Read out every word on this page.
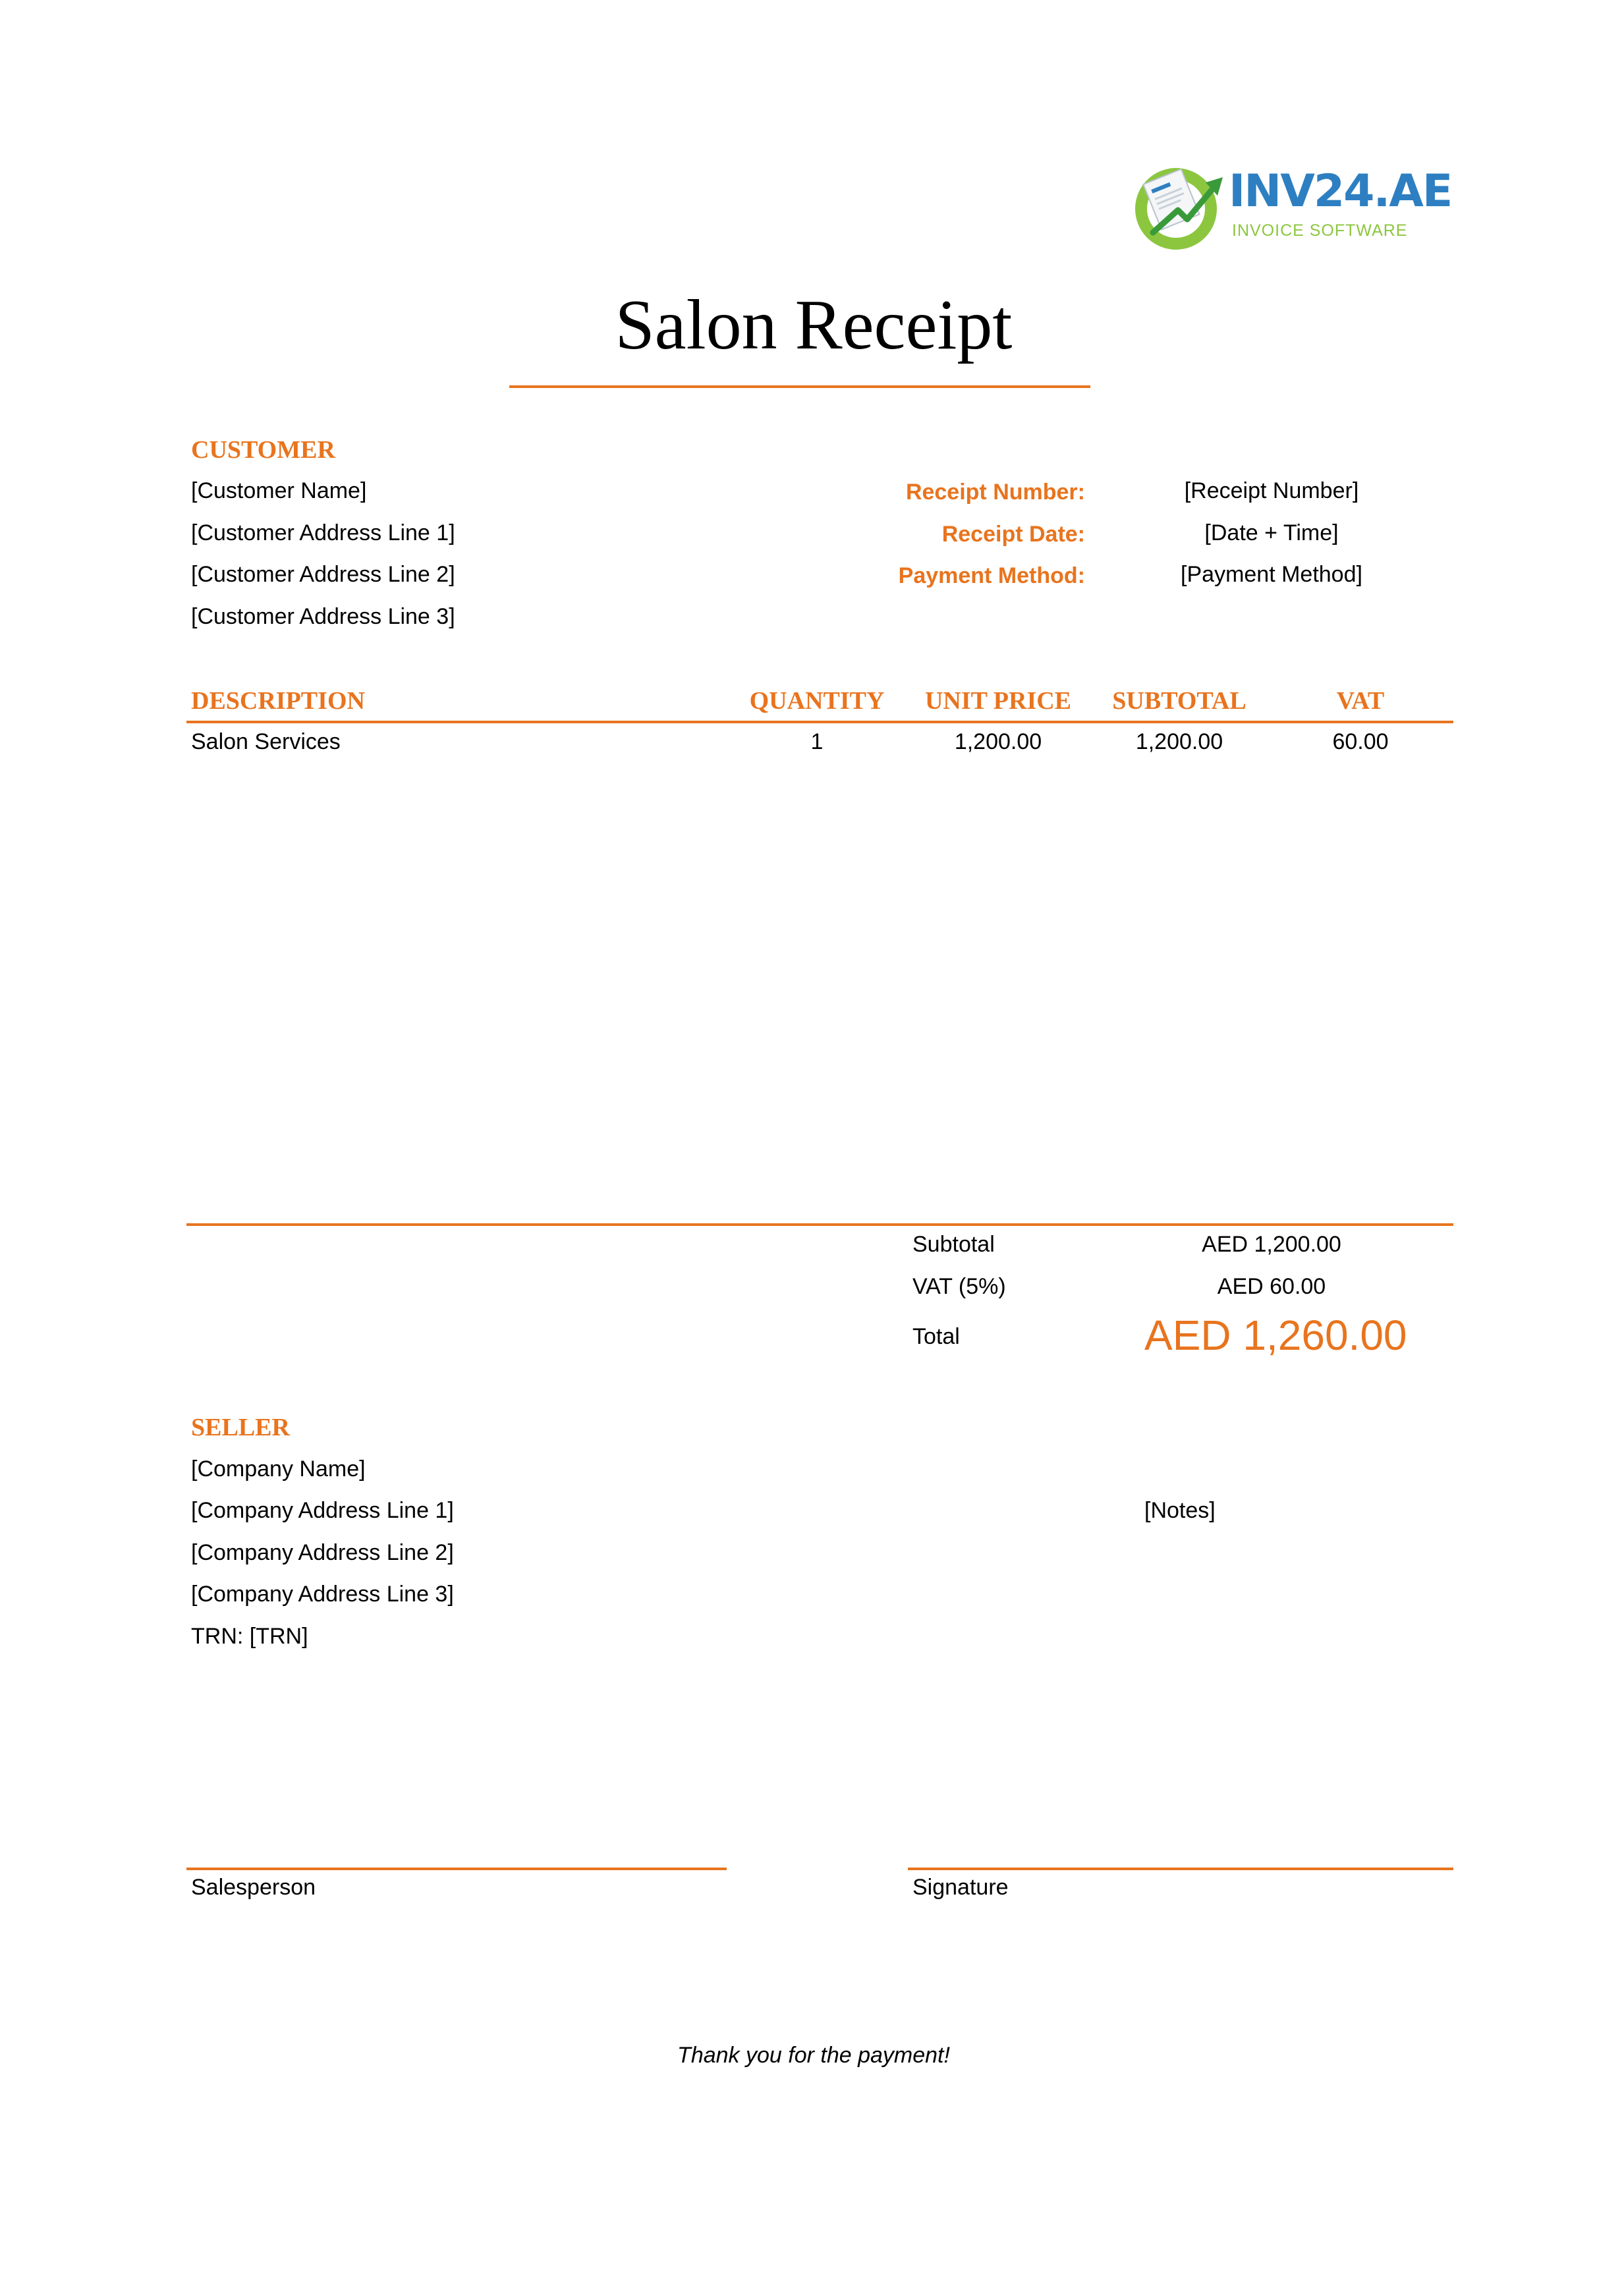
INV24.AE
INVOICE SOFTWARE
Salon Receipt
CUSTOMER
[Customer Name]
[Customer Address Line 1]
[Customer Address Line 2]
[Customer Address Line 3]
Receipt Number:	[Receipt Number]
Receipt Date:	[Date + Time]
Payment Method:	[Payment Method]
DESCRIPTION	QUANTITY	UNIT PRICE	SUBTOTAL	VAT
Salon Services	1	1,200.00	1,200.00	60.00
Subtotal	AED 1,200.00
VAT (5%)	AED 60.00
Total	AED 1,260.00
SELLER
[Company Name]
[Company Address Line 1]
[Company Address Line 2]
[Company Address Line 3]
TRN: [TRN]
[Notes]
Salesperson	Signature
Thank you for the payment!
